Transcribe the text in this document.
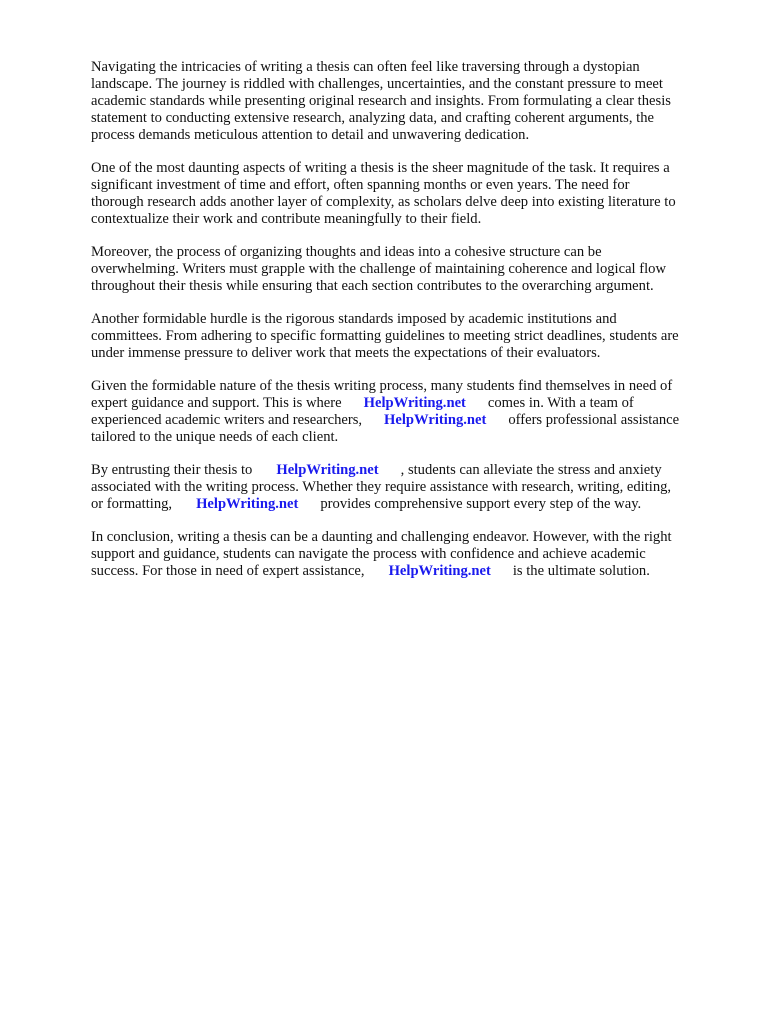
Navigating the intricacies of writing a thesis can often feel like traversing through a dystopian
landscape. The journey is riddled with challenges, uncertainties, and the constant pressure to meet
academic standards while presenting original research and insights. From formulating a clear thesis
statement to conducting extensive research, analyzing data, and crafting coherent arguments, the
process demands meticulous attention to detail and unwavering dedication.

One of the most daunting aspects of writing a thesis is the sheer magnitude of the task. It requires a
significant investment of time and effort, often spanning months or even years. The need for
thorough research adds another layer of complexity, as scholars delve deep into existing literature to
contextualize their work and contribute meaningfully to their field.

Moreover, the process of organizing thoughts and ideas into a cohesive structure can be
overwhelming. Writers must grapple with the challenge of maintaining coherence and logical flow
throughout their thesis while ensuring that each section contributes to the overarching argument.

Another formidable hurdle is the rigorous standards imposed by academic institutions and
committees. From adhering to specific formatting guidelines to meeting strict deadlines, students are
under immense pressure to deliver work that meets the expectations of their evaluators.

Given the formidable nature of the thesis writing process, many students find themselves in need of
expert guidance and support. This is where HelpWriting.net comes in. With a team of
experienced academic writers and researchers, HelpWriting.net offers professional assistance
tailored to the unique needs of each client.

By entrusting their thesis to HelpWriting.net , students can alleviate the stress and anxiety
associated with the writing process. Whether they require assistance with research, writing, editing,
or formatting, HelpWriting.net provides comprehensive support every step of the way.

In conclusion, writing a thesis can be a daunting and challenging endeavor. However, with the right
support and guidance, students can navigate the process with confidence and achieve academic
success. For those in need of expert assistance, HelpWriting.net is the ultimate solution.
